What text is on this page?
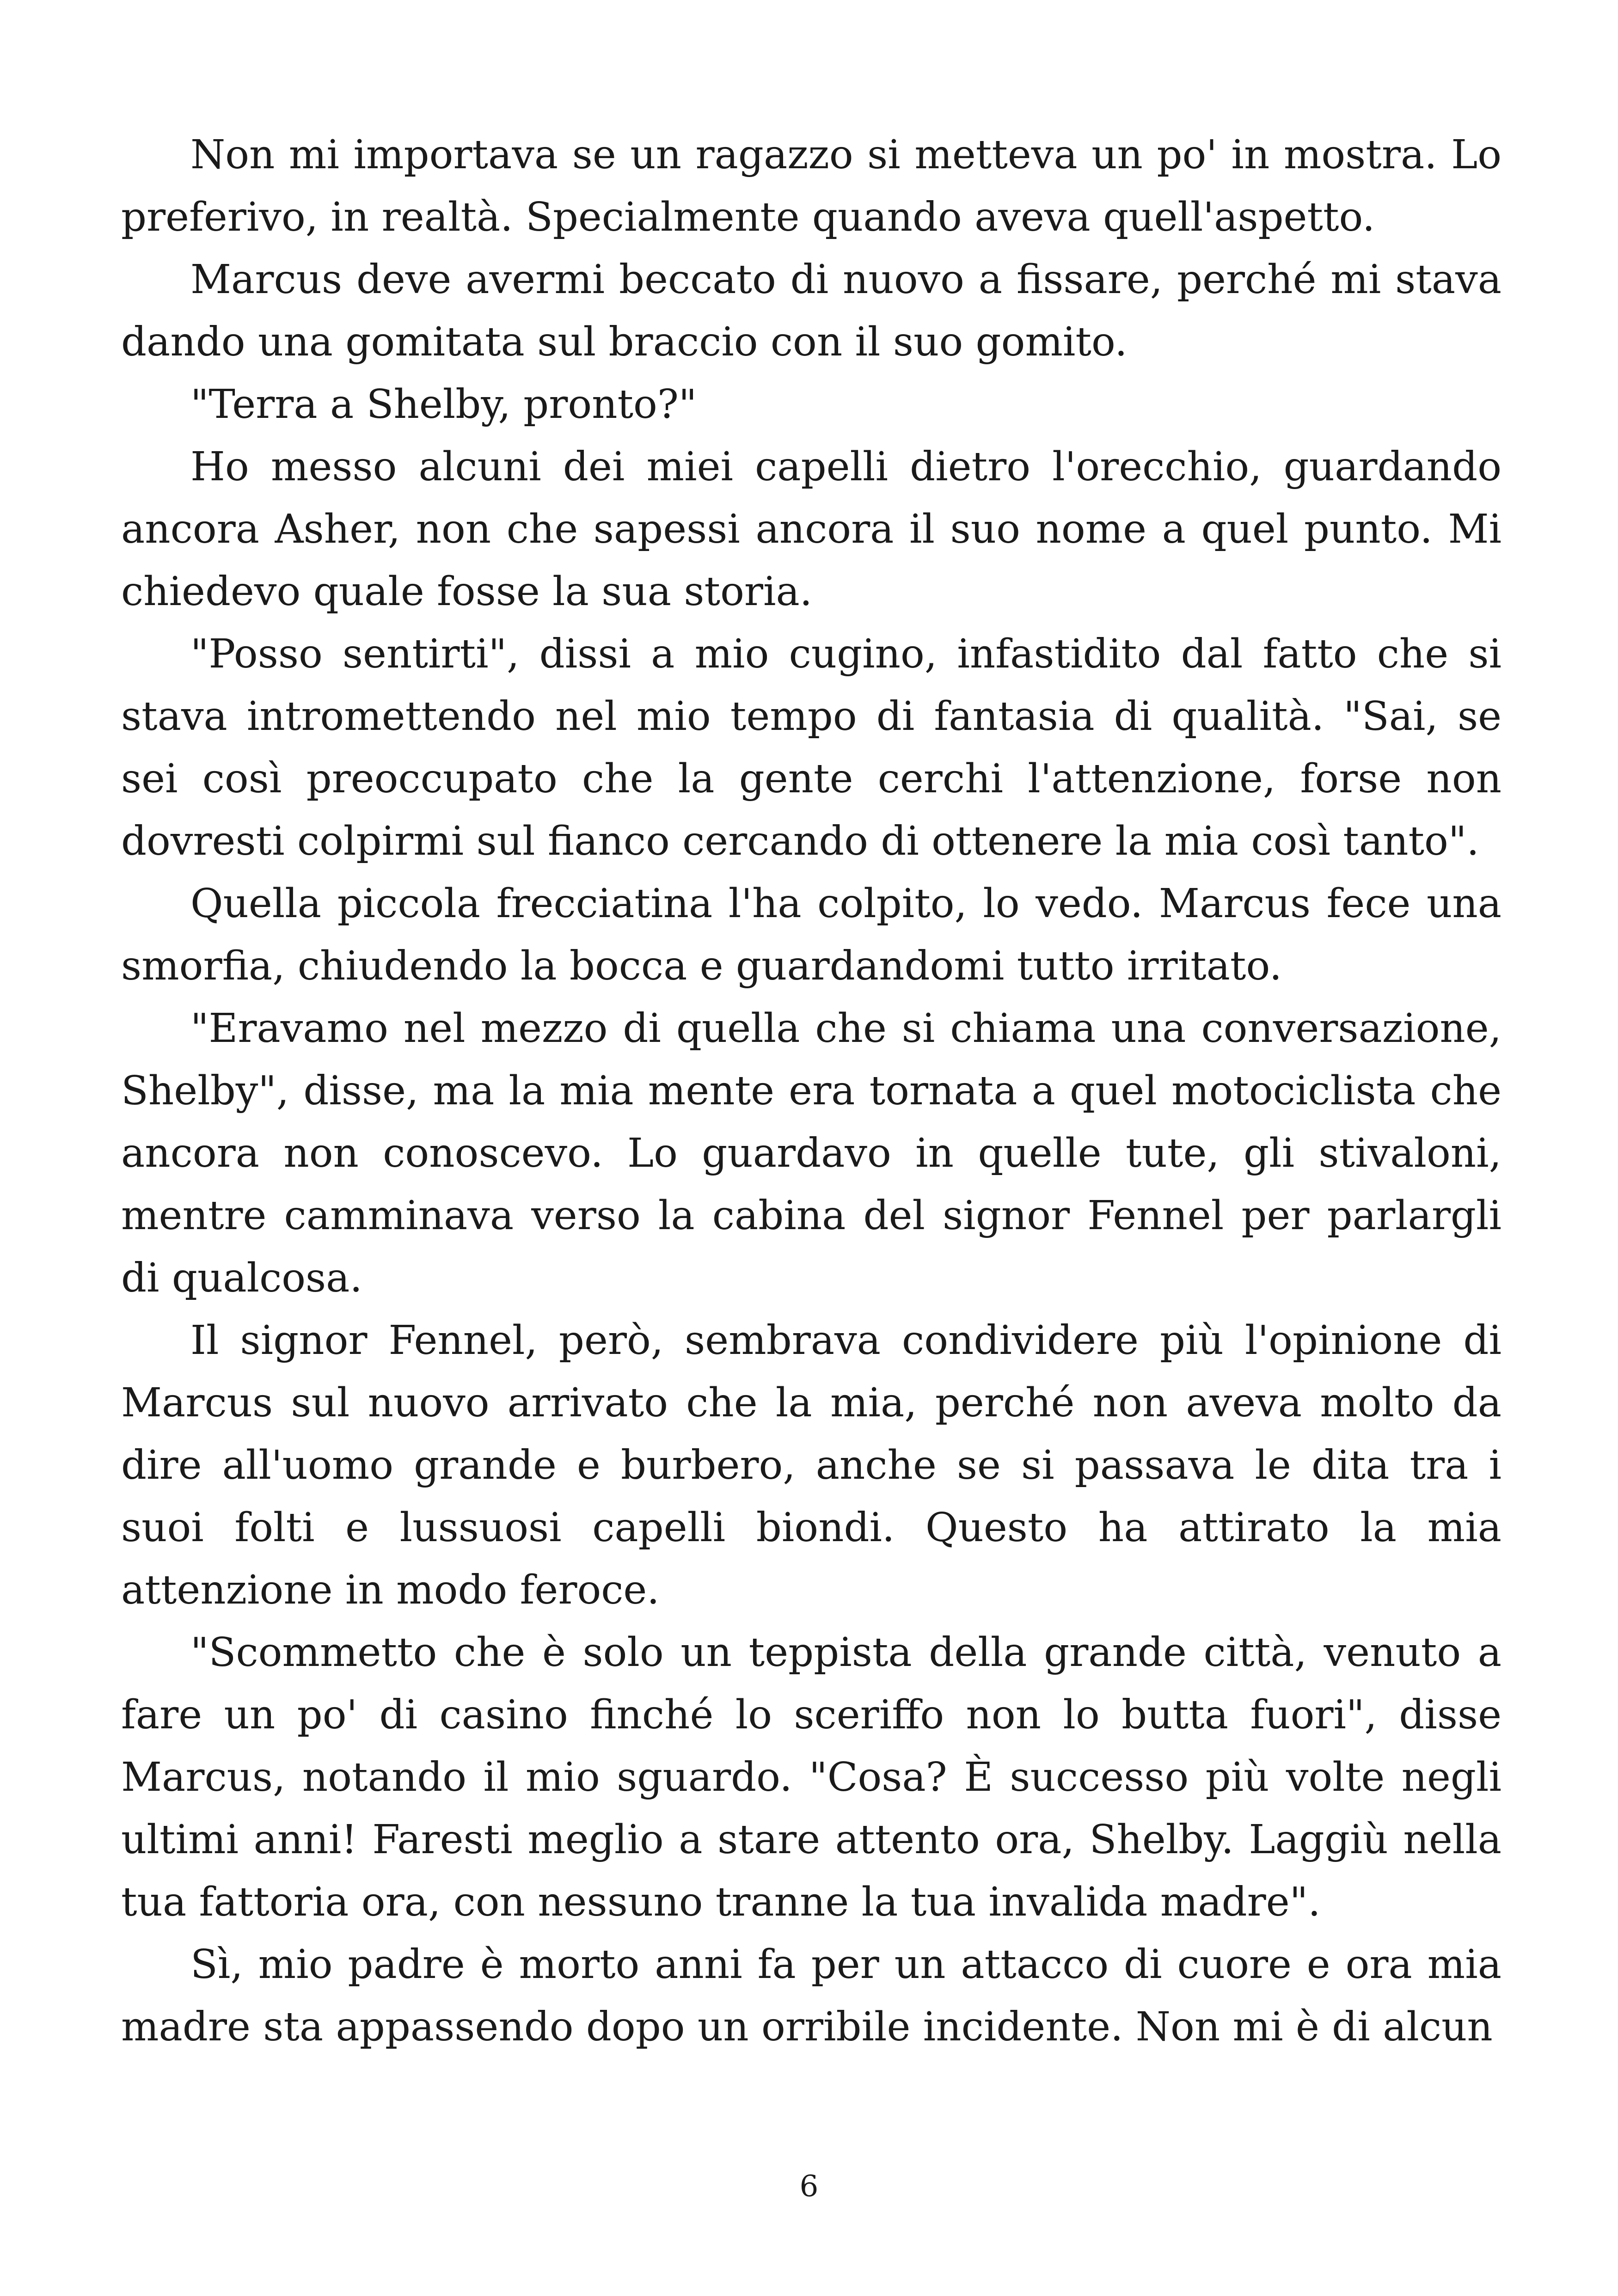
Non mi importava se un ragazzo si metteva un po' in mostra. Lo preferivo, in realtà. Specialmente quando aveva quell'aspetto.

Marcus deve avermi beccato di nuovo a fissare, perché mi stava dando una gomitata sul braccio con il suo gomito.

"Terra a Shelby, pronto?"

Ho messo alcuni dei miei capelli dietro l'orecchio, guardando ancora Asher, non che sapessi ancora il suo nome a quel punto. Mi chiedevo quale fosse la sua storia.

"Posso sentirti", dissi a mio cugino, infastidito dal fatto che si stava intromettendo nel mio tempo di fantasia di qualità. "Sai, se sei così preoccupato che la gente cerchi l'attenzione, forse non dovresti colpirmi sul fianco cercando di ottenere la mia così tanto".

Quella piccola frecciatina l'ha colpito, lo vedo. Marcus fece una smorfia, chiudendo la bocca e guardandomi tutto irritato.

"Eravamo nel mezzo di quella che si chiama una conversazione, Shelby", disse, ma la mia mente era tornata a quel motociclista che ancora non conoscevo. Lo guardavo in quelle tute, gli stivaloni, mentre camminava verso la cabina del signor Fennel per parlargli di qualcosa.

Il signor Fennel, però, sembrava condividere più l'opinione di Marcus sul nuovo arrivato che la mia, perché non aveva molto da dire all'uomo grande e burbero, anche se si passava le dita tra i suoi folti e lussuosi capelli biondi. Questo ha attirato la mia attenzione in modo feroce.

"Scommetto che è solo un teppista della grande città, venuto a fare un po' di casino finché lo sceriffo non lo butta fuori", disse Marcus, notando il mio sguardo. "Cosa? È successo più volte negli ultimi anni! Faresti meglio a stare attento ora, Shelby. Laggiù nella tua fattoria ora, con nessuno tranne la tua invalida madre".

Sì, mio padre è morto anni fa per un attacco di cuore e ora mia madre sta appassendo dopo un orribile incidente. Non mi è di alcun

6
